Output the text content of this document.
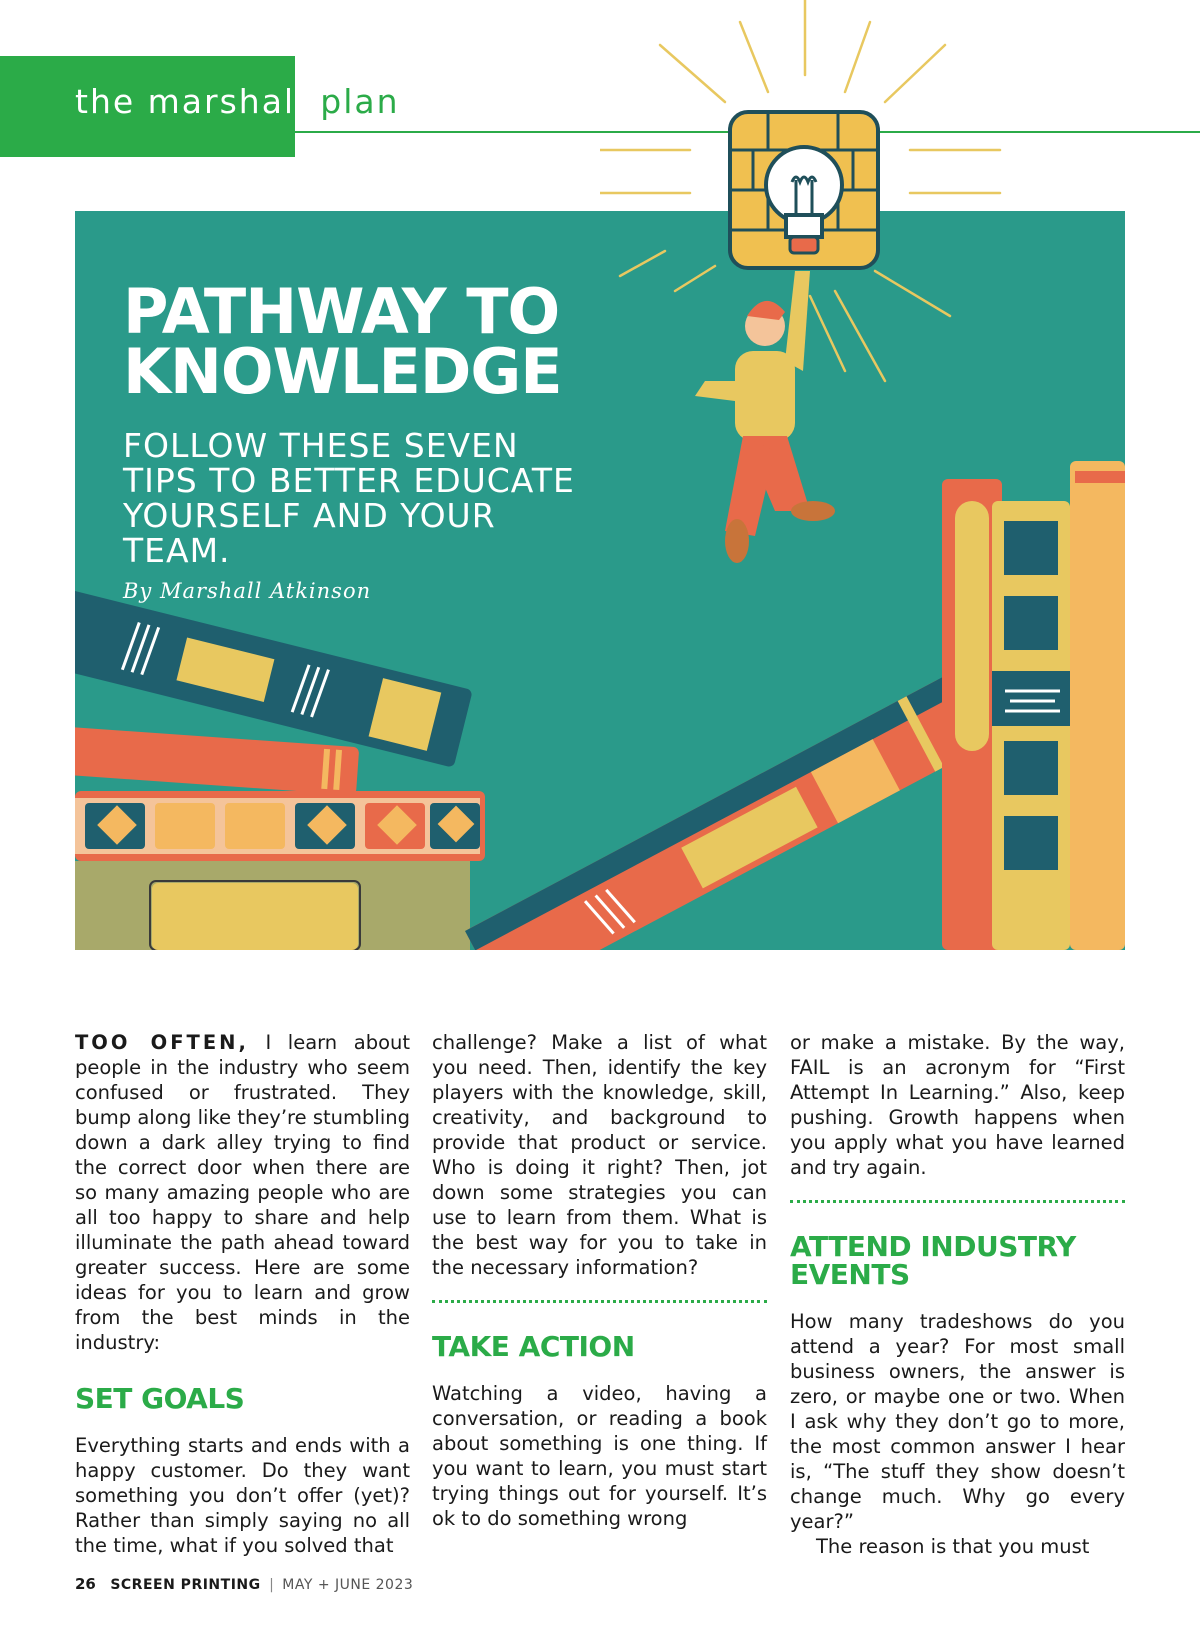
the marshall plan
PATHWAY TO
KNOWLEDGE

FOLLOW THESE SEVEN TIPS TO BETTER EDUCATE YOURSELF AND YOUR TEAM.

By Marshall Atkinson

TOO OFTEN, I learn about people in the industry who seem confused or frustrated. They bump along like they’re stumbling down a dark alley trying to find the correct door when there are so many amazing people who are all too happy to share and help illuminate the path ahead toward greater success. Here are some ideas for you to learn and grow from the best minds in the industry:

SET GOALS

Everything starts and ends with a happy customer. Do they want something you don’t offer (yet)? Rather than simply saying no all the time, what if you solved that

challenge? Make a list of what you need. Then, identify the key players with the knowledge, skill, creativity, and background to provide that product or service. Who is doing it right? Then, jot down some strategies you can use to learn from them. What is the best way for you to take in the necessary information?

TAKE ACTION

Watching a video, having a conversation, or reading a book about something is one thing. If you want to learn, you must start trying things out for yourself. It’s ok to do something wrong

or make a mistake. By the way, FAIL is an acronym for “First Attempt In Learning.” Also, keep pushing. Growth happens when you apply what you have learned and try again.

ATTEND INDUSTRY
EVENTS

How many tradeshows do you attend a year? For most small business owners, the answer is zero, or maybe one or two. When I ask why they don’t go to more, the most common answer I hear is, “The stuff they show doesn’t change much. Why go every year?”

The reason is that you must

26 SCREEN PRINTING | MAY + JUNE 2023
